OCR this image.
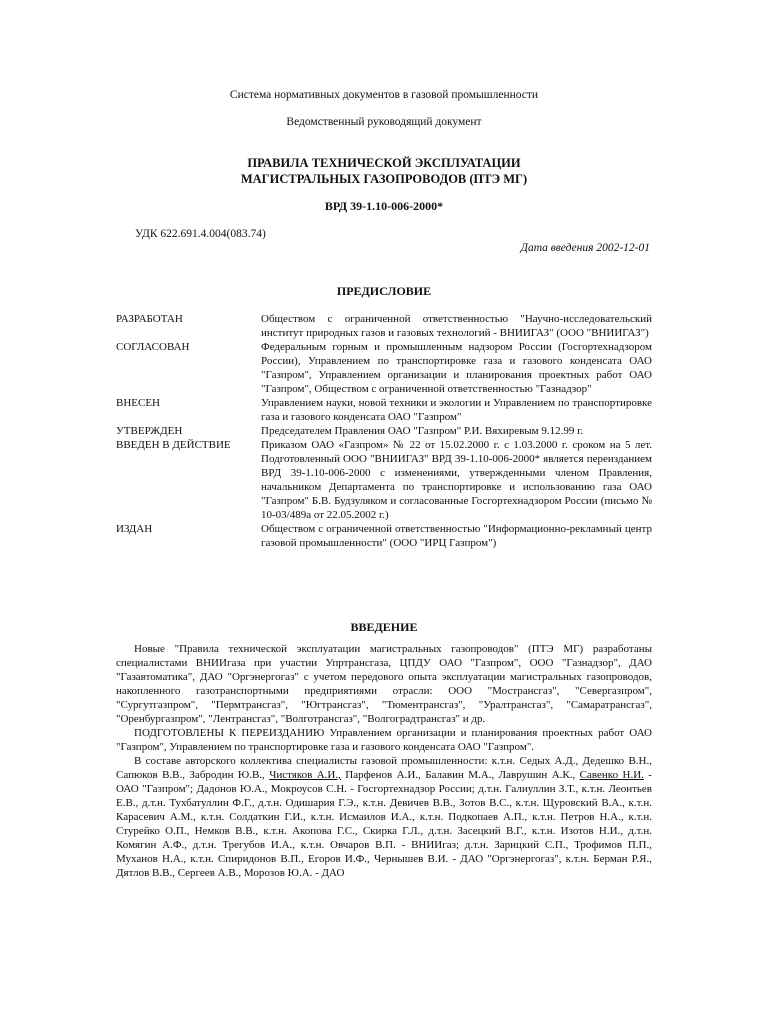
Система нормативных документов в газовой промышленности
Ведомственный руководящий документ
ПРАВИЛА ТЕХНИЧЕСКОЙ ЭКСПЛУАТАЦИИ
МАГИСТРАЛЬНЫХ ГАЗОПРОВОДОВ (ПТЭ МГ)
ВРД 39-1.10-006-2000*
УДК 622.691.4.004(083.74)
Дата введения 2002-12-01
ПРЕДИСЛОВИЕ
РАЗРАБОТАН	Обществом с ограниченной ответственностью "Научно-исследовательский институт природных газов и газовых технологий - ВНИИГАЗ" (ООО "ВНИИГАЗ")
СОГЛАСОВАН	Федеральным горным и промышленным надзором России (Госгортехнадзором России), Управлением по транспортировке газа и газового конденсата ОАО "Газпром", Управлением организации и планирования проектных работ ОАО "Газпром", Обществом с ограниченной ответственностью "Газнадзор"
ВНЕСЕН	Управлением науки, новой техники и экологии и Управлением по транспортировке газа и газового конденсата ОАО "Газпром"
УТВЕРЖДЕН	Председателем Правления ОАО "Газпром" Р.И. Вяхиревым 9.12.99 г.
ВВЕДЕН В ДЕЙСТВИЕ	Приказом ОАО «Газпром» № 22 от 15.02.2000 г. с 1.03.2000 г. сроком на 5 лет. Подготовленный ООО "ВНИИГАЗ" ВРД 39-1.10-006-2000* является переизданием ВРД 39-1.10-006-2000 с изменениями, утвержденными членом Правления, начальником Департамента по транспортировке и использованию газа ОАО "Газпром" Б.В. Будзуляком и согласованные Госгортехнадзором России (письмо № 10-03/489а от 22.05.2002 г.)
ИЗДАН	Обществом с ограниченной ответственностью "Информационно-рекламный центр газовой промышленности" (ООО "ИРЦ Газпром")
ВВЕДЕНИЕ

Новые "Правила технической эксплуатации магистральных газопроводов" (ПТЭ МГ) разработаны специалистами ВНИИгаза при участии Упртрансгаза, ЦПДУ ОАО "Газпром", ООО "Газнадзор", ДАО "Газавтоматика", ДАО "Оргэнергогаз" с учетом передового опыта эксплуатации магистральных газопроводов, накопленного газотранспортными предприятиями отрасли: ООО "Мострансгаз", "Севергазпром", "Сургутгазпром", "Пермтрансгаз", "Югтрансгаз", "Тюментрансгаз", "Уралтрансгаз", "Самаратрансгаз", "Оренбургазпром", "Лентрансгаз", "Волготрансгаз", "Волгоградтрансгаз" и др.

ПОДГОТОВЛЕНЫ К ПЕРЕИЗДАНИЮ Управлением организации и планирования проектных работ ОАО "Газпром", Управлением по транспортировке газа и газового конденсата ОАО "Газпром".

В составе авторского коллектива специалисты газовой промышленности: к.т.н. Седых А.Д., Дедешко В.Н., Сапюков В.В., Забродин Ю.В., Чистяков А.И., Парфенов А.И., Балавин М.А., Лаврушин А.К., Савенко Н.И. - ОАО "Газпром"; Дадонов Ю.А., Мокроусов С.Н. - Госгортехнадзор России; д.т.н. Галиуллин З.Т., к.т.н. Леонтьев Е.В., д.т.н. Тухбатуллин Ф.Г., д.т.н. Одишария Г.Э., к.т.н. Девичев В.В., Зотов В.С., к.т.н. Щуровский В.А., к.т.н. Карасевич А.М., к.т.н. Солдаткин Г.И., к.т.н. Исмаилов И.А., к.т.н. Подкопаев А.П., к.т.н. Петров Н.А., к.т.н. Стурейко О.П., Немков В.В., к.т.н. Акопова Г.С., Скирка Г.Л., д.т.н. Засецкий В.Г., к.т.н. Изотов Н.И., д.т.н. Комягин А.Ф., д.т.н. Трегубов И.А., к.т.н. Овчаров В.П. - ВНИИгаз; д.т.н. Зарицкий С.П., Трофимов П.П., Муханов Н.А., к.т.н. Спиридонов В.П., Егоров И.Ф., Чернышев В.И. - ДАО "Оргэнергогаз", к.т.н. Берман Р.Я., Дятлов В.В., Сергеев А.В., Морозов Ю.А. - ДАО
